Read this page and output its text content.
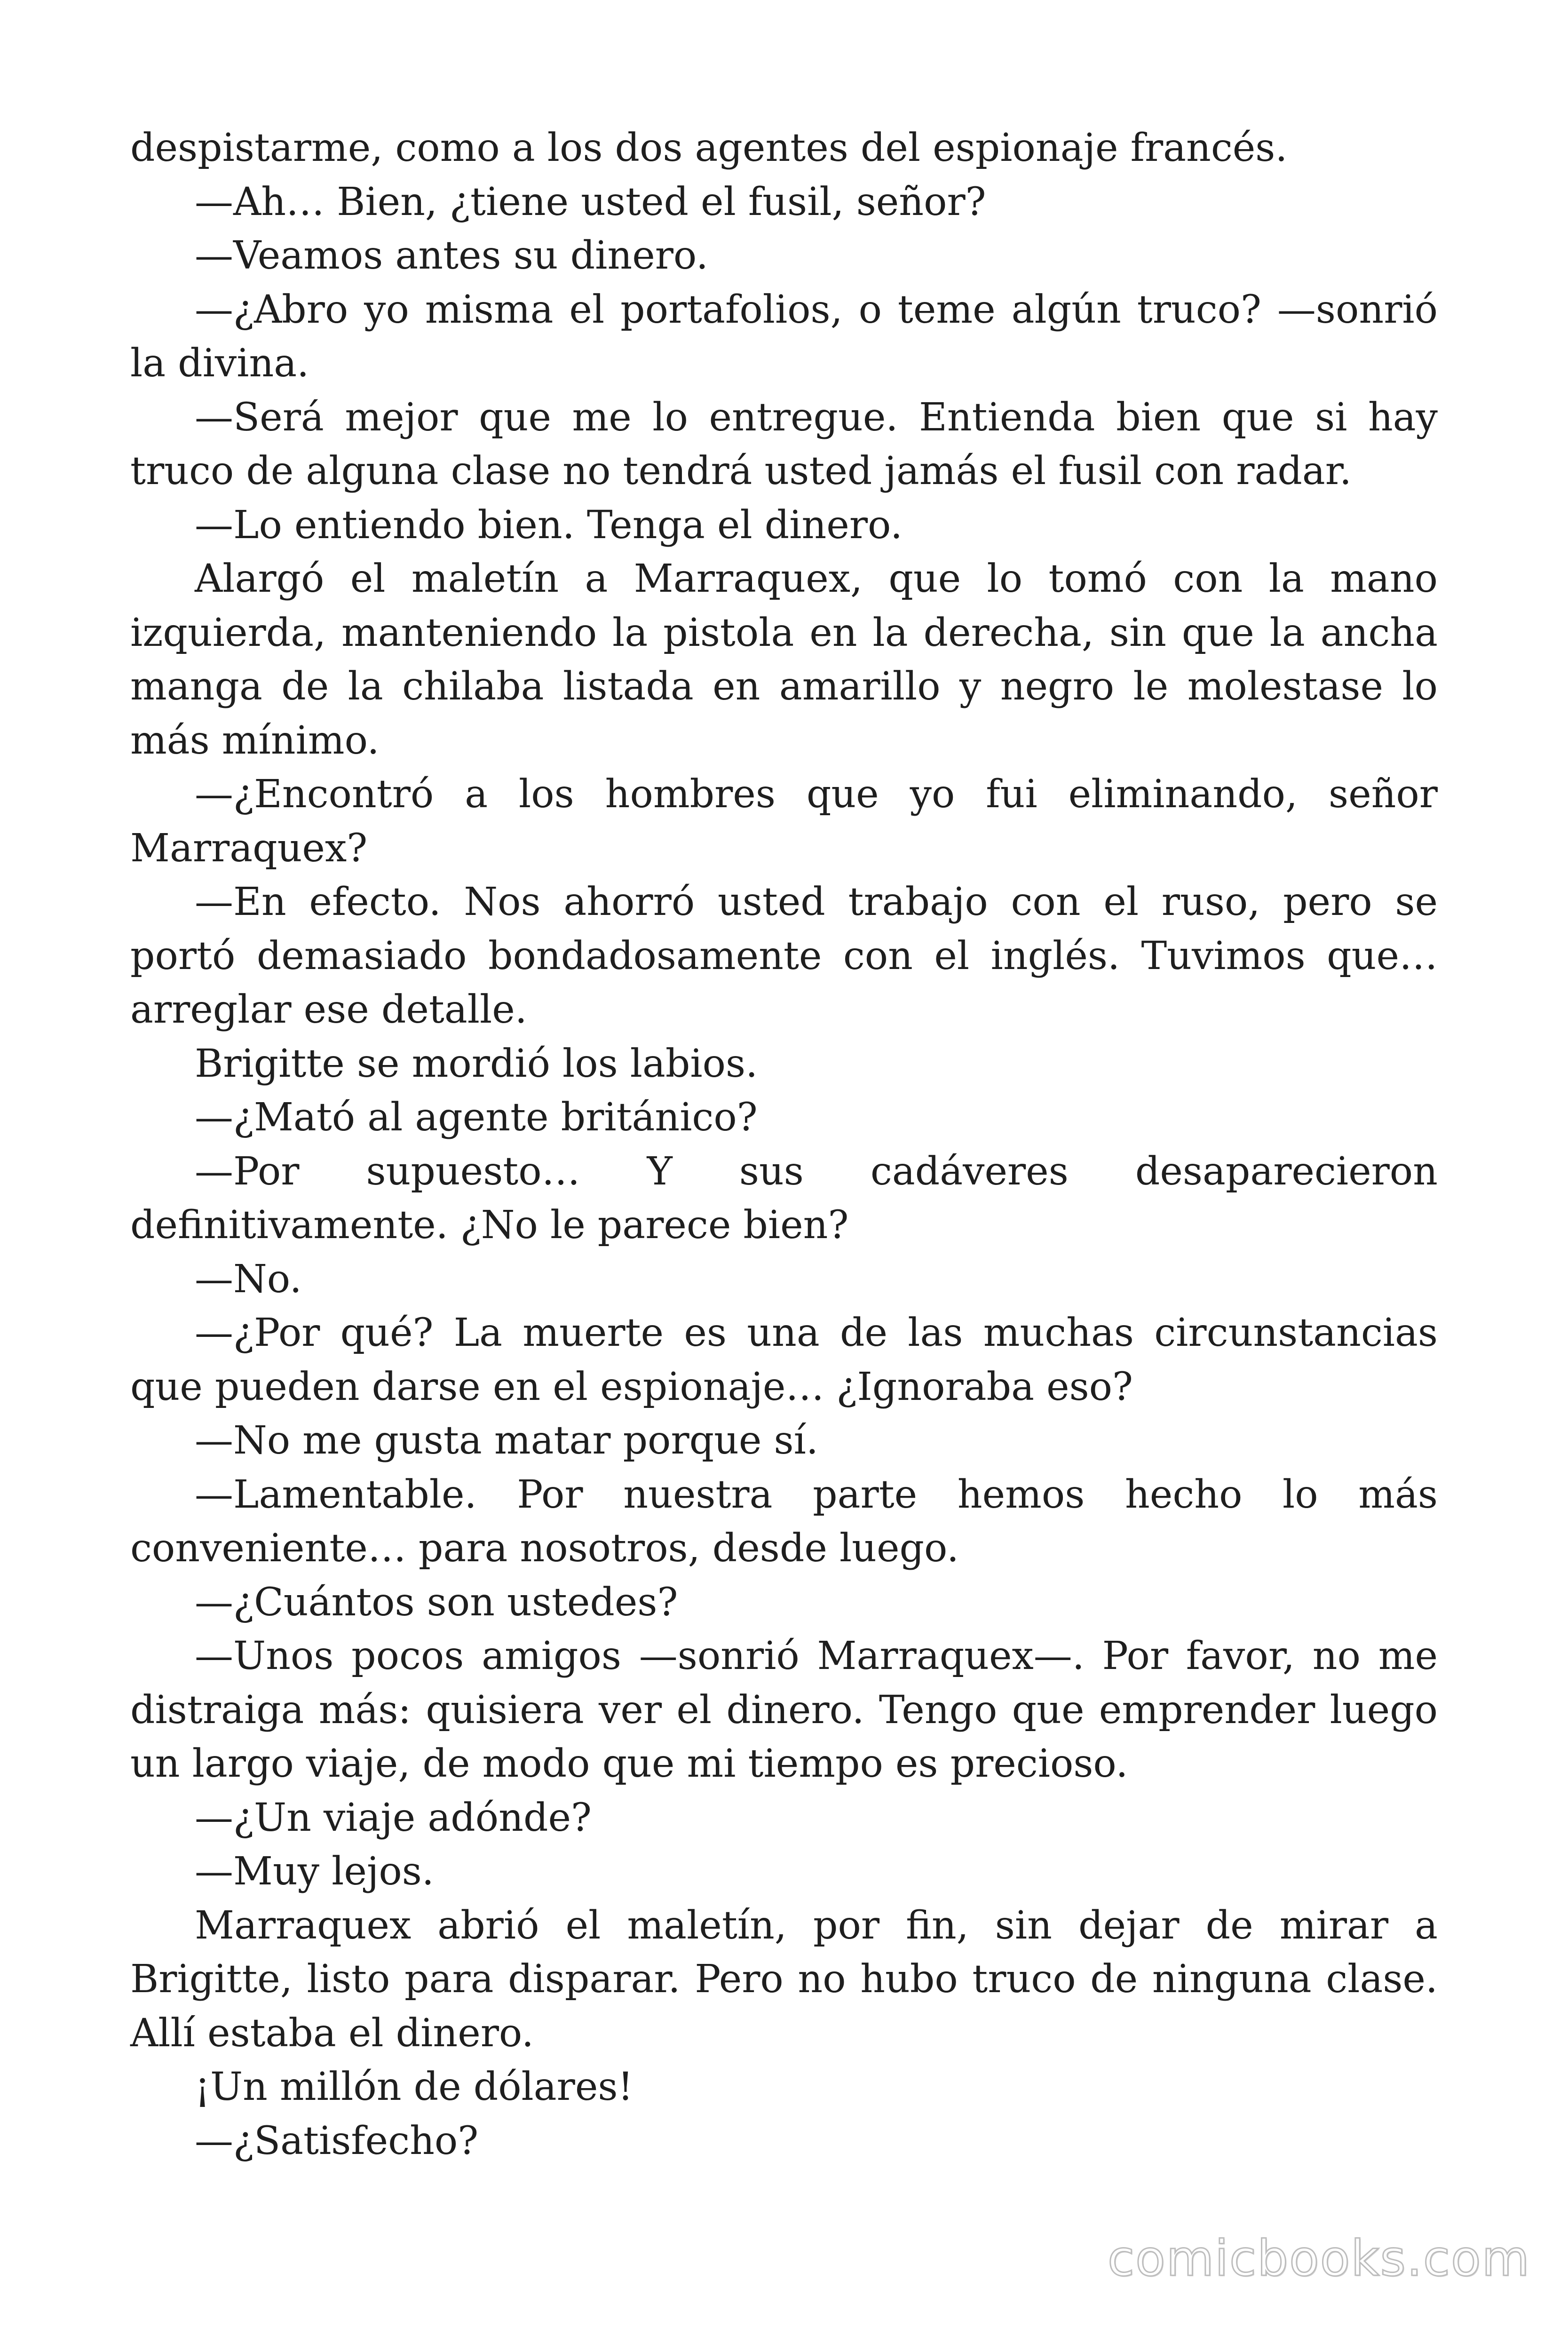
despistarme, como a los dos agentes del espionaje francés.

—Ah… Bien, ¿tiene usted el fusil, señor?

—Veamos antes su dinero.

—¿Abro yo misma el portafolios, o teme algún truco? —sonrió la divina.

—Será mejor que me lo entregue. Entienda bien que si hay truco de alguna clase no tendrá usted jamás el fusil con radar.

—Lo entiendo bien. Tenga el dinero.

Alargó el maletín a Marraquex, que lo tomó con la mano izquierda, manteniendo la pistola en la derecha, sin que la ancha manga de la chilaba listada en amarillo y negro le molestase lo más mínimo.

—¿Encontró a los hombres que yo fui eliminando, señor Marraquex?

—En efecto. Nos ahorró usted trabajo con el ruso, pero se portó demasiado bondadosamente con el inglés. Tuvimos que… arreglar ese detalle.

Brigitte se mordió los labios.

—¿Mató al agente británico?

—Por supuesto… Y sus cadáveres desaparecieron definitivamente. ¿No le parece bien?

—No.

—¿Por qué? La muerte es una de las muchas circunstancias que pueden darse en el espionaje… ¿Ignoraba eso?

—No me gusta matar porque sí.

—Lamentable. Por nuestra parte hemos hecho lo más conveniente… para nosotros, desde luego.

—¿Cuántos son ustedes?

—Unos pocos amigos —sonrió Marraquex—. Por favor, no me distraiga más: quisiera ver el dinero. Tengo que emprender luego un largo viaje, de modo que mi tiempo es precioso.

—¿Un viaje adónde?

—Muy lejos.

Marraquex abrió el maletín, por fin, sin dejar de mirar a Brigitte, listo para disparar. Pero no hubo truco de ninguna clase. Allí estaba el dinero.

¡Un millón de dólares!

—¿Satisfecho?

comicbooks.com
